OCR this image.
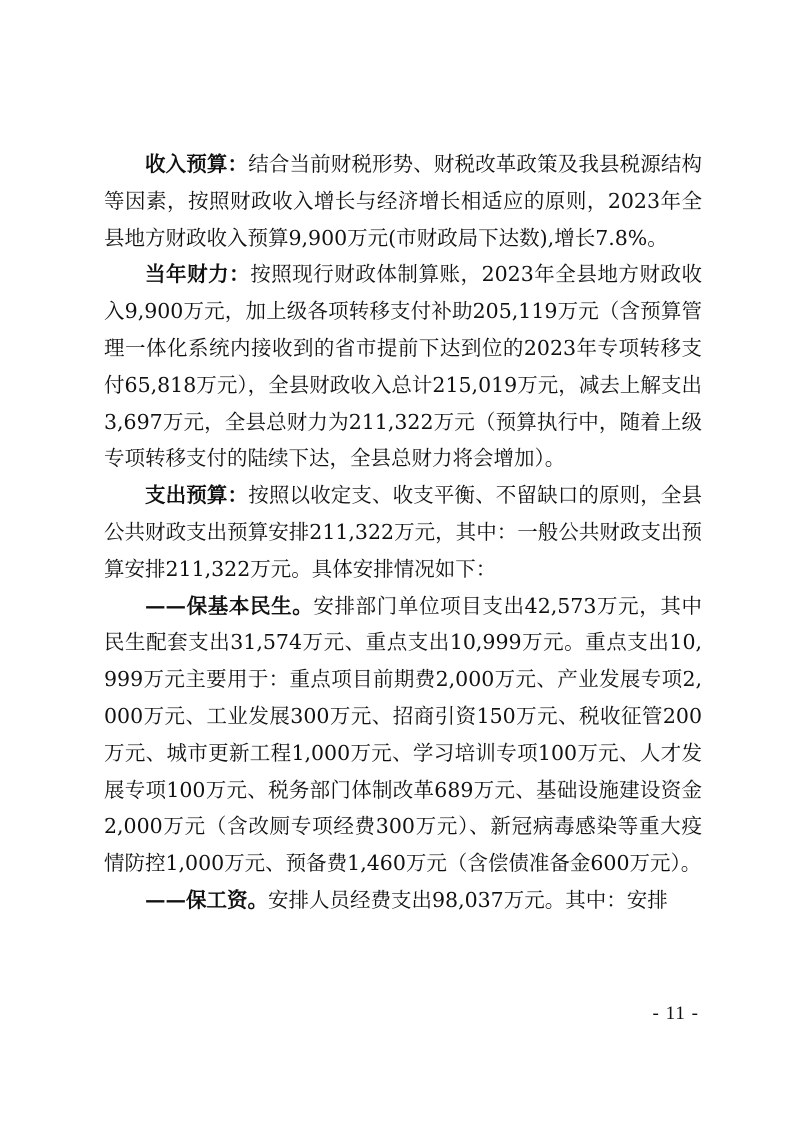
收入预算：结合当前财税形势、财税改革政策及我县税源结构等因素，按照财政收入增长与经济增长相适应的原则，2023年全县地方财政收入预算9,900万元(市财政局下达数),增长7.8%。

当年财力：按照现行财政体制算账，2023年全县地方财政收入9,900万元，加上级各项转移支付补助205,119万元（含预算管理一体化系统内接收到的省市提前下达到位的2023年专项转移支付65,818万元），全县财政收入总计215,019万元，减去上解支出3,697万元，全县总财力为211,322万元（预算执行中，随着上级专项转移支付的陆续下达，全县总财力将会增加）。

支出预算：按照以收定支、收支平衡、不留缺口的原则，全县公共财政支出预算安排211,322万元，其中：一般公共财政支出预算安排211,322万元。具体安排情况如下：

——保基本民生。安排部门单位项目支出42,573万元，其中民生配套支出31,574万元、重点支出10,999万元。重点支出10,999万元主要用于：重点项目前期费2,000万元、产业发展专项2,000万元、工业发展300万元、招商引资150万元、税收征管200万元、城市更新工程1,000万元、学习培训专项100万元、人才发展专项100万元、税务部门体制改革689万元、基础设施建设资金2,000万元（含改厕专项经费300万元）、新冠病毒感染等重大疫情防控1,000万元、预备费1,460万元（含偿债准备金600万元）。

——保工资。安排人员经费支出98,037万元。其中：安排

- 11 -
